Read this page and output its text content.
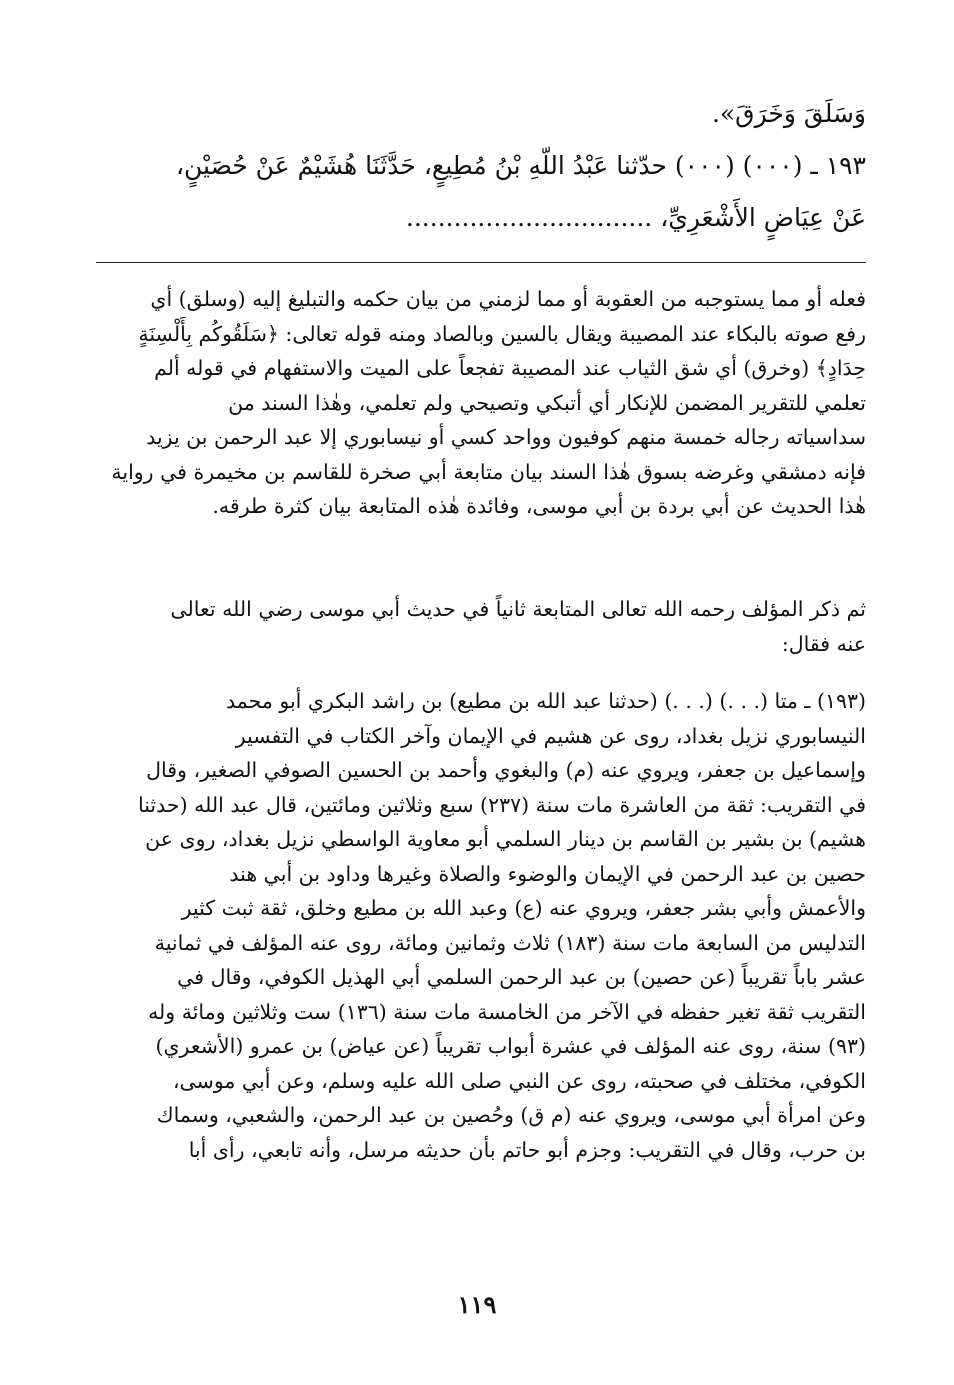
وَسَلَقَ وَخَرَقَ».
١٩٣ ـ (٠٠٠) (٠٠٠) حدّثنا عَبْدُ اللّهِ بْنُ مُطِيعٍ، حَدَّثَنَا هُشَيْمٌ عَنْ حُصَيْنٍ،
عَنْ عِيَاضٍ الأَشْعَرِيِّ، ...............................
فعله أو مما يستوجبه من العقوبة أو مما لزمني من بيان حكمه والتبليغ إليه (وسلق) أي
رفع صوته بالبكاء عند المصيبة ويقال بالسين وبالصاد ومنه قوله تعالى: ﴿سَلَقُوكُم بِأَلْسِنَةٍ
حِدَادٍ﴾ (وخرق) أي شق الثياب عند المصيبة تفجعاً على الميت والاستفهام في قوله ألم
تعلمي للتقرير المضمن للإنكار أي أتبكي وتصيحي ولم تعلمي، وهٰذا السند من
سداسياته رجاله خمسة منهم كوفيون وواحد كسي أو نيسابوري إلا عبد الرحمن بن يزيد
فإنه دمشقي وغرضه بسوق هٰذا السند بيان متابعة أبي صخرة للقاسم بن مخيمرة في رواية
هٰذا الحديث عن أبي بردة بن أبي موسى، وفائدة هٰذه المتابعة بيان كثرة طرقه.
ثم ذكر المؤلف رحمه الله تعالى المتابعة ثانياً في حديث أبي موسى رضي الله تعالى
عنه فقال:
(١٩٣) ـ متا (. . .) (. . .) (حدثنا عبد الله بن مطيع) بن راشد البكري أبو محمد
النيسابوري نزيل بغداد، روى عن هشيم في الإيمان وآخر الكتاب في التفسير
وإسماعيل بن جعفر، ويروي عنه (م) والبغوي وأحمد بن الحسين الصوفي الصغير، وقال
في التقريب: ثقة من العاشرة مات سنة (٢٣٧) سبع وثلاثين ومائتين، قال عبد الله (حدثنا
هشيم) بن بشير بن القاسم بن دينار السلمي أبو معاوية الواسطي نزيل بغداد، روى عن
حصين بن عبد الرحمن في الإيمان والوضوء والصلاة وغيرها وداود بن أبي هند
والأعمش وأبي بشر جعفر، ويروي عنه (ع) وعبد الله بن مطيع وخلق، ثقة ثبت كثير
التدليس من السابعة مات سنة (١٨٣) ثلاث وثمانين ومائة، روى عنه المؤلف في ثمانية
عشر باباً تقريباً (عن حصين) بن عبد الرحمن السلمي أبي الهذيل الكوفي، وقال في
التقريب ثقة تغير حفظه في الآخر من الخامسة مات سنة (١٣٦) ست وثلاثين ومائة وله
(٩٣) سنة، روى عنه المؤلف في عشرة أبواب تقريباً (عن عياض) بن عمرو (الأشعري)
الكوفي، مختلف في صحبته، روى عن النبي صلى الله عليه وسلم، وعن أبي موسى،
وعن امرأة أبي موسى، ويروي عنه (م ق) وحُصين بن عبد الرحمن، والشعبي، وسماك
بن حرب، وقال في التقريب: وجزم أبو حاتم بأن حديثه مرسل، وأنه تابعي، رأى أبا
١١٩
